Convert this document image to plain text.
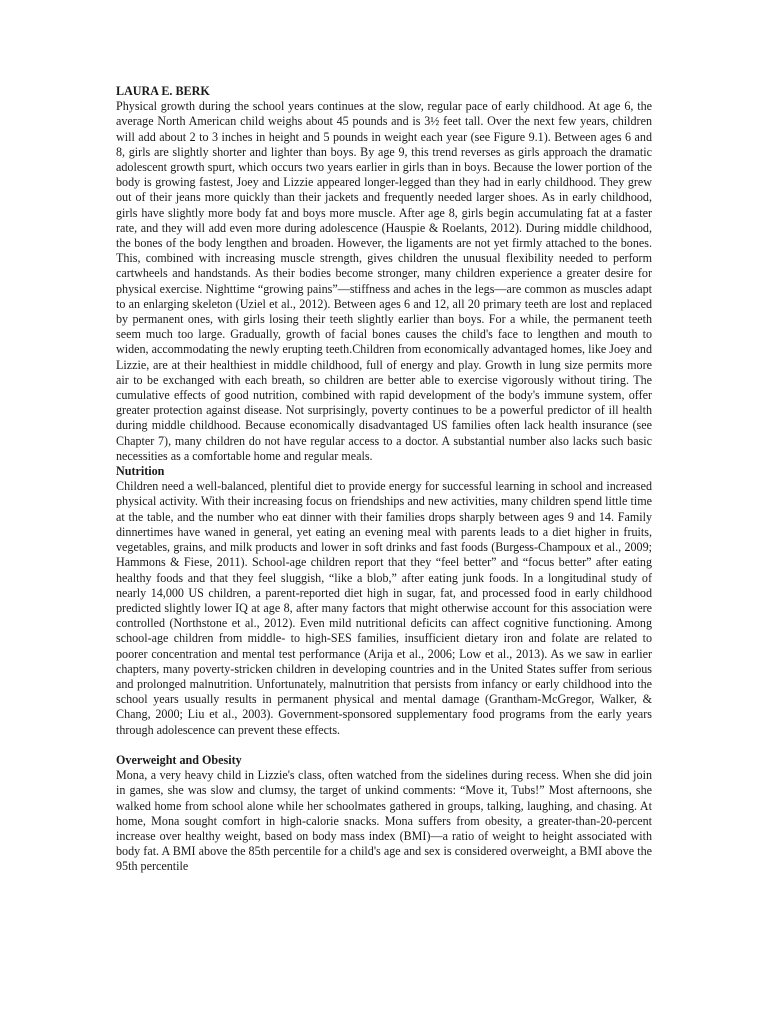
LAURA E. BERK

Physical growth during the school years continues at the slow, regular pace of early childhood. At age 6, the average North American child weighs about 45 pounds and is 3½ feet tall. Over the next few years, children will add about 2 to 3 inches in height and 5 pounds in weight each year (see Figure 9.1). Between ages 6 and 8, girls are slightly shorter and lighter than boys. By age 9, this trend reverses as girls approach the dramatic adolescent growth spurt, which occurs two years earlier in girls than in boys. Because the lower portion of the body is growing fastest, Joey and Lizzie appeared longer-legged than they had in early childhood. They grew out of their jeans more quickly than their jackets and frequently needed larger shoes. As in early childhood, girls have slightly more body fat and boys more muscle. After age 8, girls begin accumulating fat at a faster rate, and they will add even more during adolescence (Hauspie & Roelants, 2012). During middle childhood, the bones of the body lengthen and broaden. However, the ligaments are not yet firmly attached to the bones. This, combined with increasing muscle strength, gives children the unusual flexibility needed to perform cartwheels and handstands. As their bodies become stronger, many children experience a greater desire for physical exercise. Nighttime “growing pains”—stiffness and aches in the legs—are common as muscles adapt to an enlarging skeleton (Uziel et al., 2012). Between ages 6 and 12, all 20 primary teeth are lost and replaced by permanent ones, with girls losing their teeth slightly earlier than boys. For a while, the permanent teeth seem much too large. Gradually, growth of facial bones causes the child's face to lengthen and mouth to widen, accommodating the newly erupting teeth.Children from economically advantaged homes, like Joey and Lizzie, are at their healthiest in middle childhood, full of energy and play. Growth in lung size permits more air to be exchanged with each breath, so children are better able to exercise vigorously without tiring. The cumulative effects of good nutrition, combined with rapid development of the body's immune system, offer greater protection against disease. Not surprisingly, poverty continues to be a powerful predictor of ill health during middle childhood. Because economically disadvantaged US families often lack health insurance (see Chapter 7), many children do not have regular access to a doctor. A substantial number also lacks such basic necessities as a comfortable home and regular meals.

Nutrition

Children need a well-balanced, plentiful diet to provide energy for successful learning in school and increased physical activity. With their increasing focus on friendships and new activities, many children spend little time at the table, and the number who eat dinner with their families drops sharply between ages 9 and 14. Family dinnertimes have waned in general, yet eating an evening meal with parents leads to a diet higher in fruits, vegetables, grains, and milk products and lower in soft drinks and fast foods (Burgess-Champoux et al., 2009; Hammons & Fiese, 2011). School-age children report that they “feel better” and “focus better” after eating healthy foods and that they feel sluggish, “like a blob,” after eating junk foods. In a longitudinal study of nearly 14,000 US children, a parent-reported diet high in sugar, fat, and processed food in early childhood predicted slightly lower IQ at age 8, after many factors that might otherwise account for this association were controlled (Northstone et al., 2012). Even mild nutritional deficits can affect cognitive functioning. Among school-age children from middle- to high-SES families, insufficient dietary iron and folate are related to poorer concentration and mental test performance (Arija et al., 2006; Low et al., 2013). As we saw in earlier chapters, many poverty-stricken children in developing countries and in the United States suffer from serious and prolonged malnutrition. Unfortunately, malnutrition that persists from infancy or early childhood into the school years usually results in permanent physical and mental damage (Grantham-McGregor, Walker, & Chang, 2000; Liu et al., 2003). Government-sponsored supplementary food programs from the early years through adolescence can prevent these effects.

Overweight and Obesity

Mona, a very heavy child in Lizzie's class, often watched from the sidelines during recess. When she did join in games, she was slow and clumsy, the target of unkind comments: “Move it, Tubs!” Most afternoons, she walked home from school alone while her schoolmates gathered in groups, talking, laughing, and chasing. At home, Mona sought comfort in high-calorie snacks. Mona suffers from obesity, a greater-than-20-percent increase over healthy weight, based on body mass index (BMI)—a ratio of weight to height associated with body fat. A BMI above the 85th percentile for a child's age and sex is considered overweight, a BMI above the 95th percentile
